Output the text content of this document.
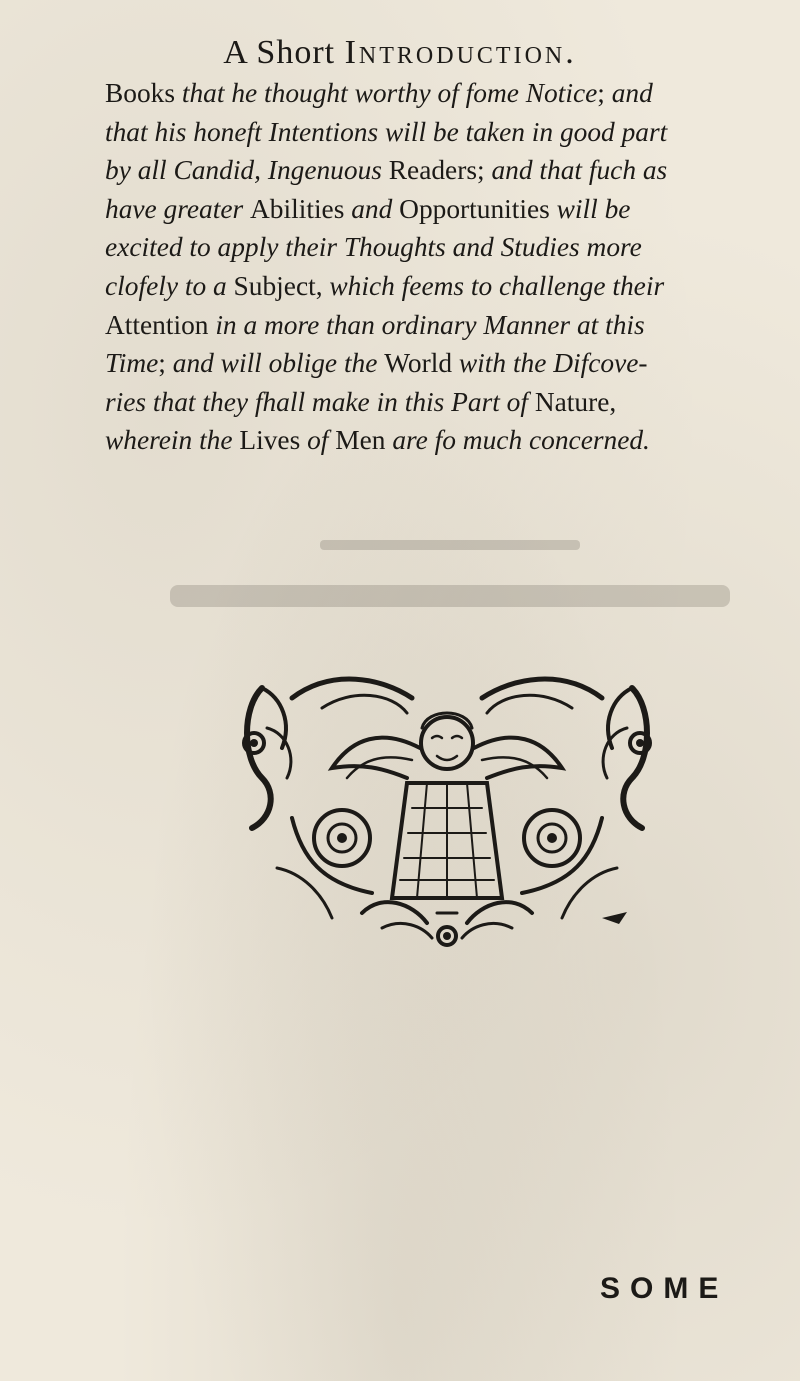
A Short Introduction.
Books that he thought worthy of fome Notice; and
that his honeft Intentions will be taken in good part
by all Candid, Ingenuous Readers; and that fuch as
have greater Abilities and Opportunities will be
excited to apply their Thoughts and Studies more
clofely to a Subject, which feems to challenge their
Attention in a more than ordinary Manner at this
Time; and will oblige the World with the Difcove-
ries that they fhall make in this Part of Nature,
wherein the Lives of Men are fo much concerned.
SOME
